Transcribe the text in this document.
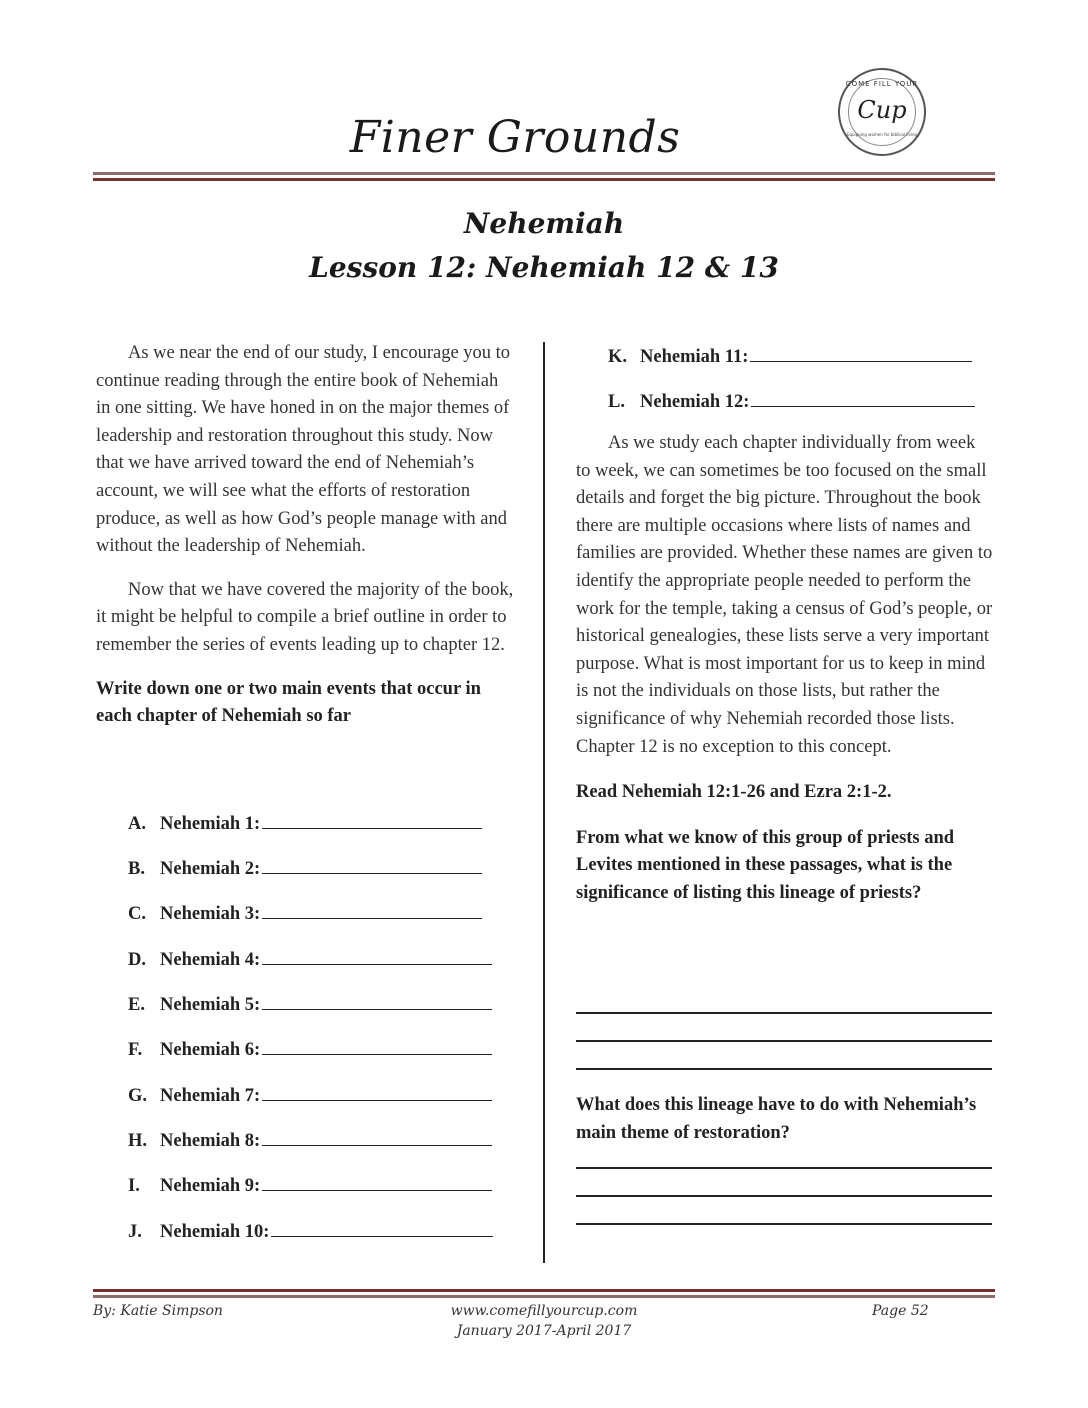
Finer Grounds
COME FILL YOUR
Cup
Equipping women for biblical living
Nehemiah
Lesson 12: Nehemiah 12 & 13

As we near the end of our study, I encourage you to continue reading through the entire book of Nehemiah in one sitting. We have honed in on the major themes of leadership and restoration throughout this study. Now that we have arrived toward the end of Nehemiah’s account, we will see what the efforts of restoration produce, as well as how God’s people manage with and without the leadership of Nehemiah.

Now that we have covered the majority of the book, it might be helpful to compile a brief outline in order to remember the series of events leading up to chapter 12.

Write down one or two main events that occur in each chapter of Nehemiah so far

A. Nehemiah 1:
B. Nehemiah 2:
C. Nehemiah 3:
D. Nehemiah 4:
E. Nehemiah 5:
F. Nehemiah 6:
G. Nehemiah 7:
H. Nehemiah 8:
I.	Nehemiah 9:
J. Nehemiah 10:
K. Nehemiah 11:
L. Nehemiah 12:

As we study each chapter individually from week to week, we can sometimes be too focused on the small details and forget the big picture. Throughout the book there are multiple occasions where lists of names and families are provided. Whether these names are given to identify the appropriate people needed to perform the work for the temple, taking a census of God’s people, or historical genealogies, these lists serve a very important purpose. What is most important for us to keep in mind is not the individuals on those lists, but rather the significance of why Nehemiah recorded those lists. Chapter 12 is no exception to this concept.

Read Nehemiah 12:1-26 and Ezra 2:1-2.

From what we know of this group of priests and Levites mentioned in these passages, what is the significance of listing this lineage of priests?

What does this lineage have to do with Nehemiah’s main theme of restoration?

By: Katie Simpson	www.comefillyourcup.com
January 2017-April 2017
Page 52
